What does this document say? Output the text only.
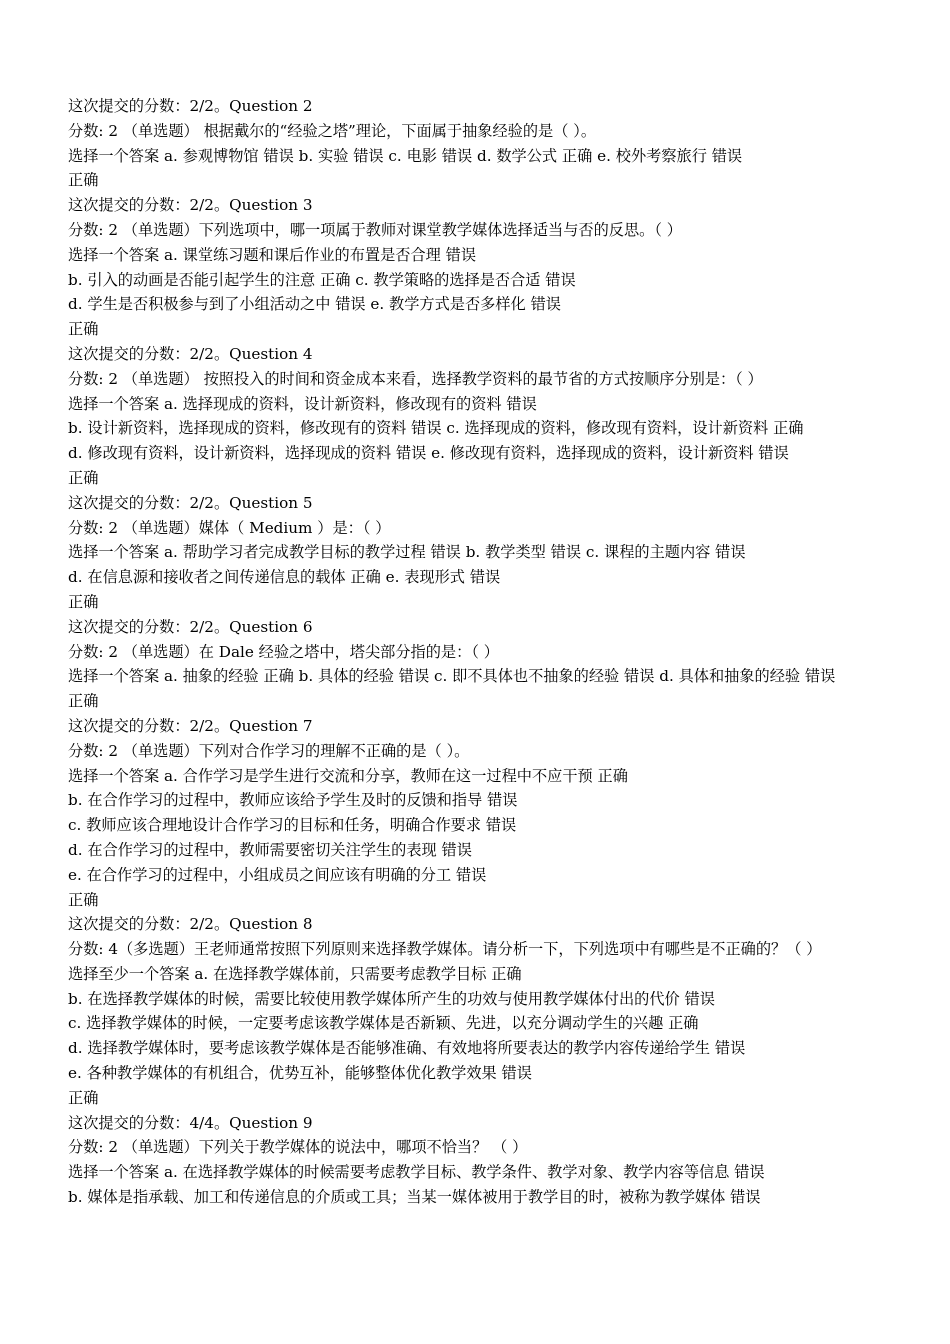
这次提交的分数：2/2。Question 2
分数: 2 （单选题） 根据戴尔的“经验之塔”理论，下面属于抽象经验的是（ ）。
选择一个答案 a. 参观博物馆 错误 b. 实验 错误 c. 电影 错误 d. 数学公式 正确 e. 校外考察旅行 错误
正确
这次提交的分数：2/2。Question 3
分数: 2 （单选题）下列选项中，哪一项属于教师对课堂教学媒体选择适当与否的反思。（ ）
选择一个答案 a. 课堂练习题和课后作业的布置是否合理 错误
b. 引入的动画是否能引起学生的注意 正确 c. 教学策略的选择是否合适 错误
d. 学生是否积极参与到了小组活动之中 错误 e. 教学方式是否多样化 错误
正确
这次提交的分数：2/2。Question 4
分数: 2 （单选题） 按照投入的时间和资金成本来看，选择教学资料的最节省的方式按顺序分别是：（ ）
选择一个答案 a. 选择现成的资料，设计新资料，修改现有的资料 错误
b. 设计新资料，选择现成的资料，修改现有的资料 错误 c. 选择现成的资料，修改现有资料，设计新资料 正确
d. 修改现有资料，设计新资料，选择现成的资料 错误 e. 修改现有资料，选择现成的资料，设计新资料 错误
正确
这次提交的分数：2/2。Question 5
分数: 2 （单选题）媒体（ Medium ）是：（ ）
选择一个答案 a. 帮助学习者完成教学目标的教学过程 错误 b. 教学类型 错误 c. 课程的主题内容 错误
d. 在信息源和接收者之间传递信息的载体 正确 e. 表现形式 错误
正确
这次提交的分数：2/2。Question 6
分数: 2 （单选题）在 Dale 经验之塔中，塔尖部分指的是：（ ）
选择一个答案 a. 抽象的经验 正确 b. 具体的经验 错误 c. 即不具体也不抽象的经验 错误 d. 具体和抽象的经验 错误
正确
这次提交的分数：2/2。Question 7
分数: 2 （单选题）下列对合作学习的理解不正确的是（ ）。
选择一个答案 a. 合作学习是学生进行交流和分享，教师在这一过程中不应干预 正确
b. 在合作学习的过程中，教师应该给予学生及时的反馈和指导 错误
c. 教师应该合理地设计合作学习的目标和任务，明确合作要求 错误
d. 在合作学习的过程中，教师需要密切关注学生的表现 错误
e. 在合作学习的过程中，小组成员之间应该有明确的分工 错误
正确
这次提交的分数：2/2。Question 8
分数: 4（多选题）王老师通常按照下列原则来选择教学媒体。请分析一下，下列选项中有哪些是不正确的？（ ）
选择至少一个答案 a. 在选择教学媒体前，只需要考虑教学目标 正确
b. 在选择教学媒体的时候，需要比较使用教学媒体所产生的功效与使用教学媒体付出的代价 错误
c. 选择教学媒体的时候，一定要考虑该教学媒体是否新颖、先进，以充分调动学生的兴趣 正确
d. 选择教学媒体时，要考虑该教学媒体是否能够准确、有效地将所要表达的教学内容传递给学生 错误
e. 各种教学媒体的有机组合，优势互补，能够整体优化教学效果 错误
正确
这次提交的分数：4/4。Question 9
分数: 2 （单选题）下列关于教学媒体的说法中，哪项不恰当？ （ ）
选择一个答案 a. 在选择教学媒体的时候需要考虑教学目标、教学条件、教学对象、教学内容等信息 错误
b. 媒体是指承载、加工和传递信息的介质或工具；当某一媒体被用于教学目的时，被称为教学媒体 错误
